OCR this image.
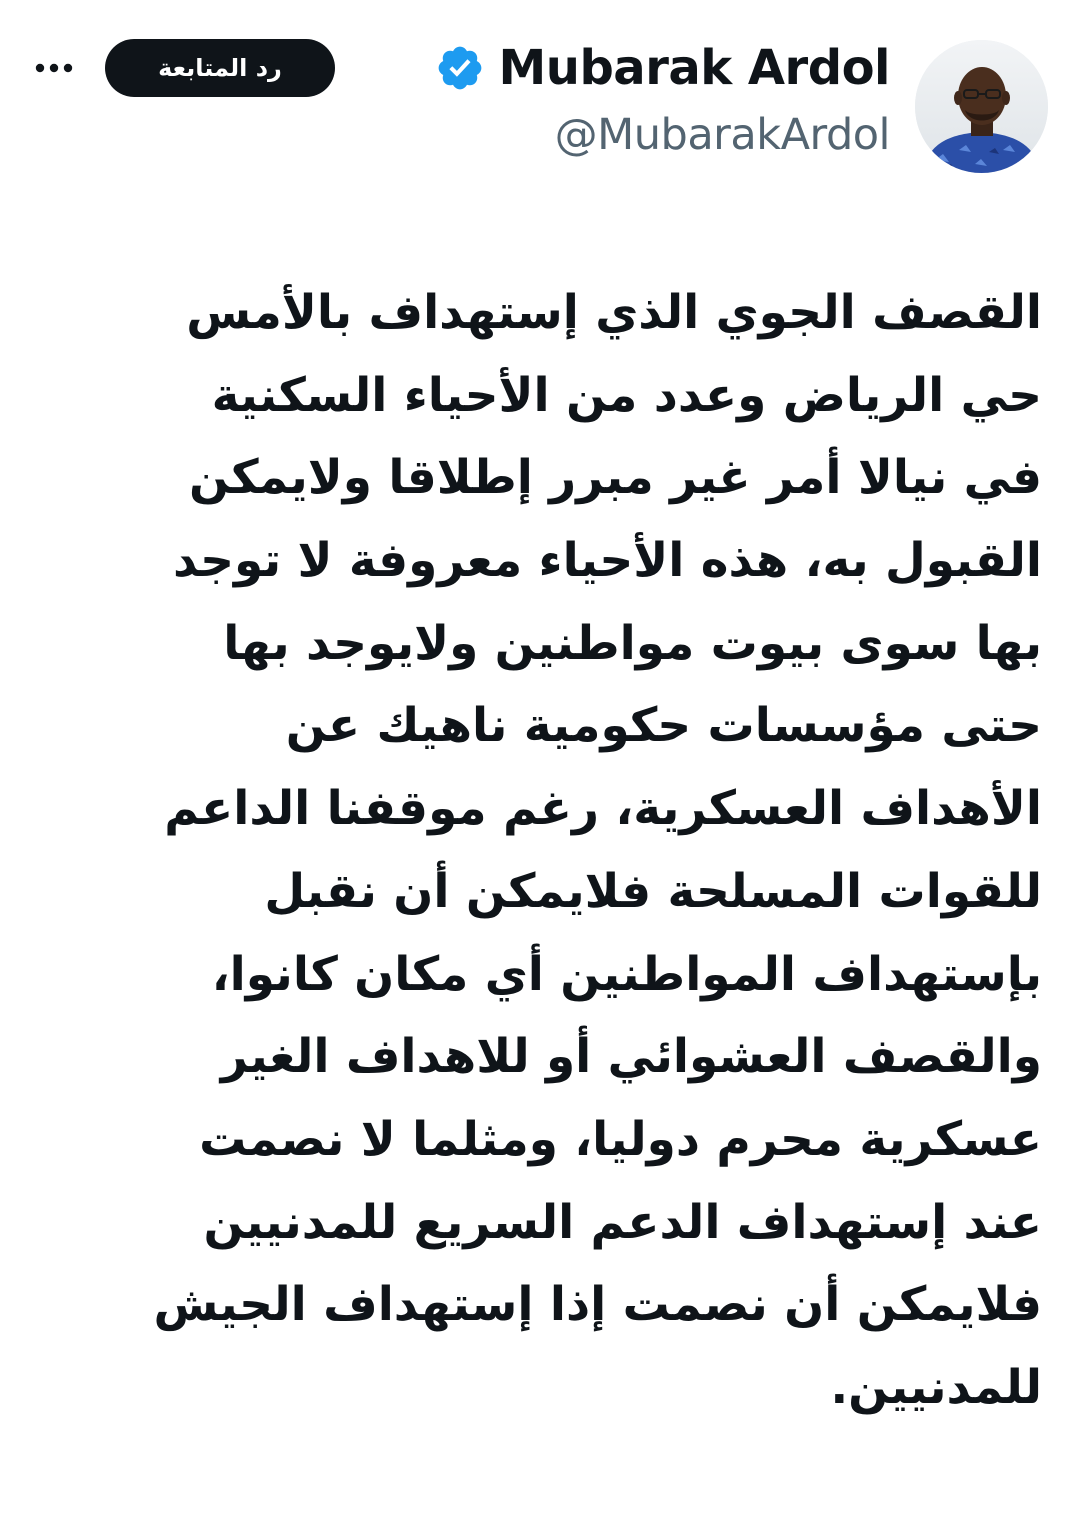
Mubarak Ardol
@MubarakArdol
رد المتابعة
القصف الجوي الذي إستهداف بالأمس
حي الرياض وعدد من الأحياء السكنية
في نيالا أمر غير مبرر إطلاقا ولايمكن
القبول به، هذه الأحياء معروفة لا توجد
بها سوى بيوت مواطنين ولايوجد بها
حتى مؤسسات حكومية ناهيك عن
الأهداف العسكرية، رغم موقفنا الداعم
للقوات المسلحة فلايمكن أن نقبل
بإستهداف المواطنين أي مكان كانوا،
والقصف العشوائي أو للاهداف الغير
عسكرية محرم دوليا، ومثلما لا نصمت
عند إستهداف الدعم السريع للمدنيين
فلايمكن أن نصمت إذا إستهداف الجيش
للمدنيين.
